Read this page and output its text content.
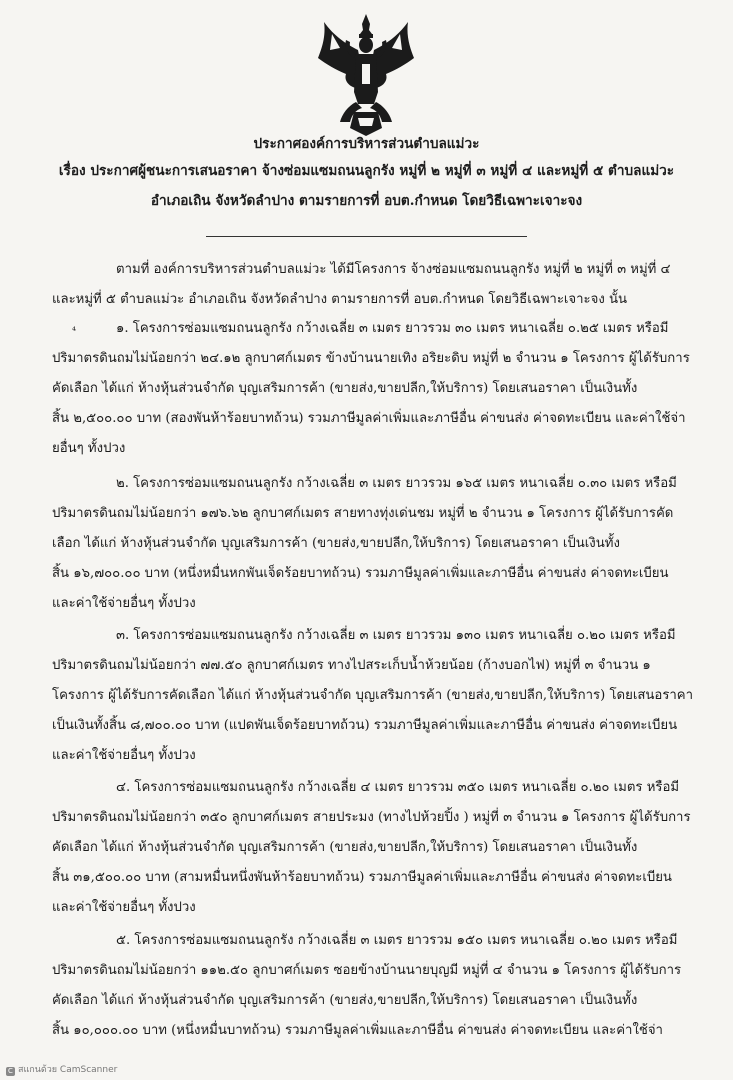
ประกาศองค์การบริหารส่วนตำบลแม่วะ
เรื่อง ประกาศผู้ชนะการเสนอราคา จ้างซ่อมแซมถนนลูกรัง หมู่ที่ ๒ หมู่ที่ ๓ หมู่ที่ ๔ และหมู่ที่ ๕ ตำบลแม่วะ
อำเภอเถิน จังหวัดลำปาง ตามรายการที่ อบต.กำหนด โดยวิธีเฉพาะเจาะจง
ตามที่ องค์การบริหารส่วนตำบลแม่วะ ได้มีโครงการ จ้างซ่อมแซมถนนลูกรัง หมู่ที่ ๒ หมู่ที่ ๓ หมู่ที่ ๔
และหมู่ที่ ๕ ตำบลแม่วะ อำเภอเถิน จังหวัดลำปาง ตามรายการที่ อบต.กำหนด โดยวิธีเฉพาะเจาะจง นั้น
⁴	๑. โครงการซ่อมแซมถนนลูกรัง กว้างเฉลี่ย ๓ เมตร ยาวรวม ๓๐ เมตร หนาเฉลี่ย ๐.๒๕ เมตร หรือมี
ปริมาตรดินถมไม่น้อยกว่า ๒๔.๑๒ ลูกบาศก์เมตร ข้างบ้านนายเทิง อริยะดิบ หมู่ที่ ๒ จำนวน ๑ โครงการ ผู้ได้รับการ
คัดเลือก ได้แก่ ห้างหุ้นส่วนจำกัด บุญเสริมการค้า (ขายส่ง,ขายปลีก,ให้บริการ) โดยเสนอราคา เป็นเงินทั้ง
สิ้น ๒,๕๐๐.๐๐ บาท (สองพันห้าร้อยบาทถ้วน) รวมภาษีมูลค่าเพิ่มและภาษีอื่น ค่าขนส่ง ค่าจดทะเบียน และค่าใช้จ่า
ยอื่นๆ ทั้งปวง
๒. โครงการซ่อมแซมถนนลูกรัง กว้างเฉลี่ย ๓ เมตร ยาวรวม ๑๖๕ เมตร หนาเฉลี่ย ๐.๓๐ เมตร หรือมี
ปริมาตรดินถมไม่น้อยกว่า ๑๗๖.๖๒ ลูกบาศก์เมตร สายทางทุ่งเด่นชม หมู่ที่ ๒ จำนวน ๑ โครงการ ผู้ได้รับการคัด
เลือก ได้แก่ ห้างหุ้นส่วนจำกัด บุญเสริมการค้า (ขายส่ง,ขายปลีก,ให้บริการ) โดยเสนอราคา เป็นเงินทั้ง
สิ้น ๑๖,๗๐๐.๐๐ บาท (หนึ่งหมื่นหกพันเจ็ดร้อยบาทถ้วน) รวมภาษีมูลค่าเพิ่มและภาษีอื่น ค่าขนส่ง ค่าจดทะเบียน
และค่าใช้จ่ายอื่นๆ ทั้งปวง
๓. โครงการซ่อมแซมถนนลูกรัง กว้างเฉลี่ย ๓ เมตร ยาวรวม ๑๓๐ เมตร หนาเฉลี่ย ๐.๒๐ เมตร หรือมี
ปริมาตรดินถมไม่น้อยกว่า ๗๗.๕๐ ลูกบาศก์เมตร ทางไปสระเก็บน้ำห้วยน้อย (ก้างบอกไฟ) หมู่ที่ ๓ จำนวน ๑
โครงการ ผู้ได้รับการคัดเลือก ได้แก่ ห้างหุ้นส่วนจำกัด บุญเสริมการค้า (ขายส่ง,ขายปลีก,ให้บริการ) โดยเสนอราคา
เป็นเงินทั้งสิ้น ๘,๗๐๐.๐๐ บาท (แปดพันเจ็ดร้อยบาทถ้วน) รวมภาษีมูลค่าเพิ่มและภาษีอื่น ค่าขนส่ง ค่าจดทะเบียน
และค่าใช้จ่ายอื่นๆ ทั้งปวง
๔. โครงการซ่อมแซมถนนลูกรัง กว้างเฉลี่ย ๔ เมตร ยาวรวม ๓๕๐ เมตร หนาเฉลี่ย ๐.๒๐ เมตร หรือมี
ปริมาตรดินถมไม่น้อยกว่า ๓๕๐ ลูกบาศก์เมตร สายประมง (ทางไปห้วยปิ้ง ) หมู่ที่ ๓ จำนวน ๑ โครงการ ผู้ได้รับการ
คัดเลือก ได้แก่ ห้างหุ้นส่วนจำกัด บุญเสริมการค้า (ขายส่ง,ขายปลีก,ให้บริการ) โดยเสนอราคา เป็นเงินทั้ง
สิ้น ๓๑,๕๐๐.๐๐ บาท (สามหมื่นหนึ่งพันห้าร้อยบาทถ้วน) รวมภาษีมูลค่าเพิ่มและภาษีอื่น ค่าขนส่ง ค่าจดทะเบียน
และค่าใช้จ่ายอื่นๆ ทั้งปวง
๕. โครงการซ่อมแซมถนนลูกรัง กว้างเฉลี่ย ๓ เมตร ยาวรวม ๑๕๐ เมตร หนาเฉลี่ย ๐.๒๐ เมตร หรือมี
ปริมาตรดินถมไม่น้อยกว่า ๑๑๒.๕๐ ลูกบาศก์เมตร ซอยข้างบ้านนายบุญมี หมู่ที่ ๔ จำนวน ๑ โครงการ ผู้ได้รับการ
คัดเลือก ได้แก่ ห้างหุ้นส่วนจำกัด บุญเสริมการค้า (ขายส่ง,ขายปลีก,ให้บริการ) โดยเสนอราคา เป็นเงินทั้ง
สิ้น ๑๐,๐๐๐.๐๐ บาท (หนึ่งหมื่นบาทถ้วน) รวมภาษีมูลค่าเพิ่มและภาษีอื่น ค่าขนส่ง ค่าจดทะเบียน และค่าใช้จ่า
C สแกนด้วย CamScanner
